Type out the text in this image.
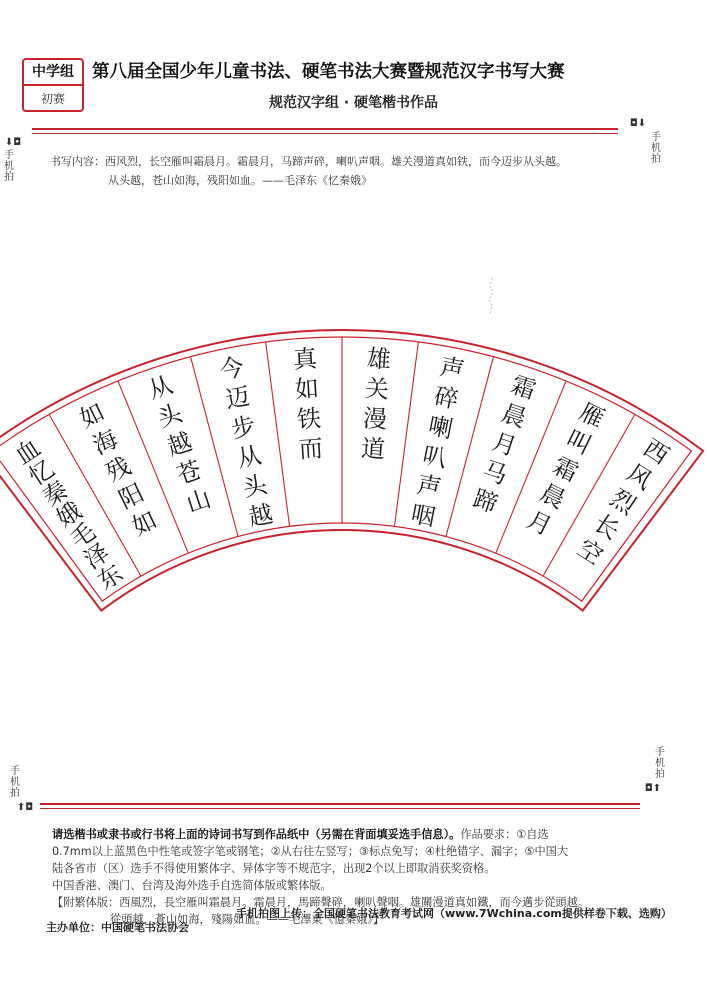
中学组
初赛
第八届全国少年儿童书法、硬笔书法大赛暨规范汉字书写大赛
规范汉字组 · 硬笔楷书作品
⬇◘
手机拍
◘⬇
手机拍
书写内容：西风烈，长空雁叫霜晨月。霜晨月，马蹄声碎，喇叭声咽。雄关漫道真如铁，而今迈步从头越。
从头越，苍山如海，残阳如血。——毛泽东《忆秦娥》
西
风
烈
长
空
雁
叫
霜
晨
月
霜
晨
月
马
蹄
声
碎
喇
叭
声
咽
雄
关
漫
道
真
如
铁
而
今
迈
步
从
头
越
从
头
越
苍
山
如
海
残
阳
如
血
忆
秦
娥
毛
泽
东
手机拍
⬆◘
手机拍
◘⬆
请选楷书或隶书或行书将上面的诗词书写到作品纸中（另需在背面填妥选手信息）。作品要求：①自选
0.7mm以上蓝黑色中性笔或签字笔或钢笔；②从右往左竖写；③标点免写；④杜绝错字、漏字；⑤中国大
陆各省市（区）选手不得使用繁体字、异体字等不规范字，出现2个以上即取消获奖资格。
中国香港、澳门、台湾及海外选手自选简体版或繁体版。
【附繁体版：西風烈，長空雁叫霜晨月。霜晨月，馬蹄聲碎，喇叭聲咽。雄關漫道真如鐵，而今邁步從頭越。
從頭越，蒼山如海，殘陽如血。——毛澤東《憶秦娥》】
主办单位：中国硬笔书法协会
手机拍图上传：全国硬笔书法教育考试网（www.7Wchina.com提供样卷下载、选购）
